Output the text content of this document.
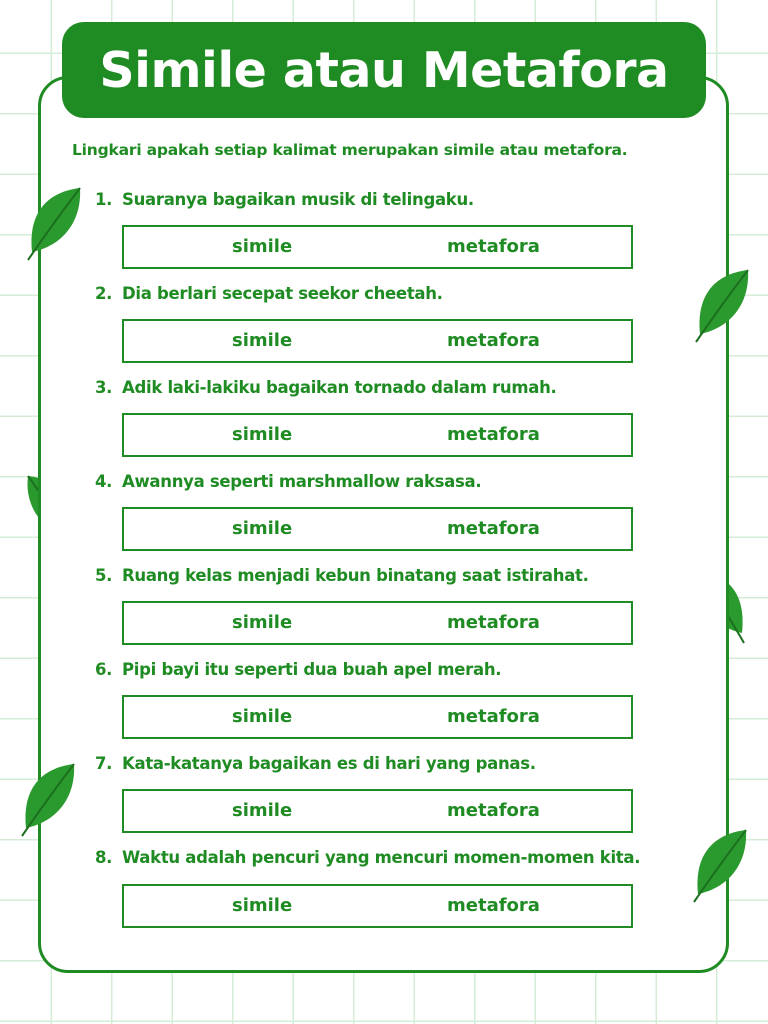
Simile atau Metafora
Lingkari apakah setiap kalimat merupakan simile atau metafora.
1. Suaranya bagaikan musik di telingaku.
simile	metafora
2. Dia berlari secepat seekor cheetah.
simile	metafora
3. Adik laki-lakiku bagaikan tornado dalam rumah.
simile	metafora
4. Awannya seperti marshmallow raksasa.
simile	metafora
5. Ruang kelas menjadi kebun binatang saat istirahat.
simile	metafora
6. Pipi bayi itu seperti dua buah apel merah.
simile	metafora
7. Kata-katanya bagaikan es di hari yang panas.
simile	metafora
8. Waktu adalah pencuri yang mencuri momen-momen kita.
simile	metafora
